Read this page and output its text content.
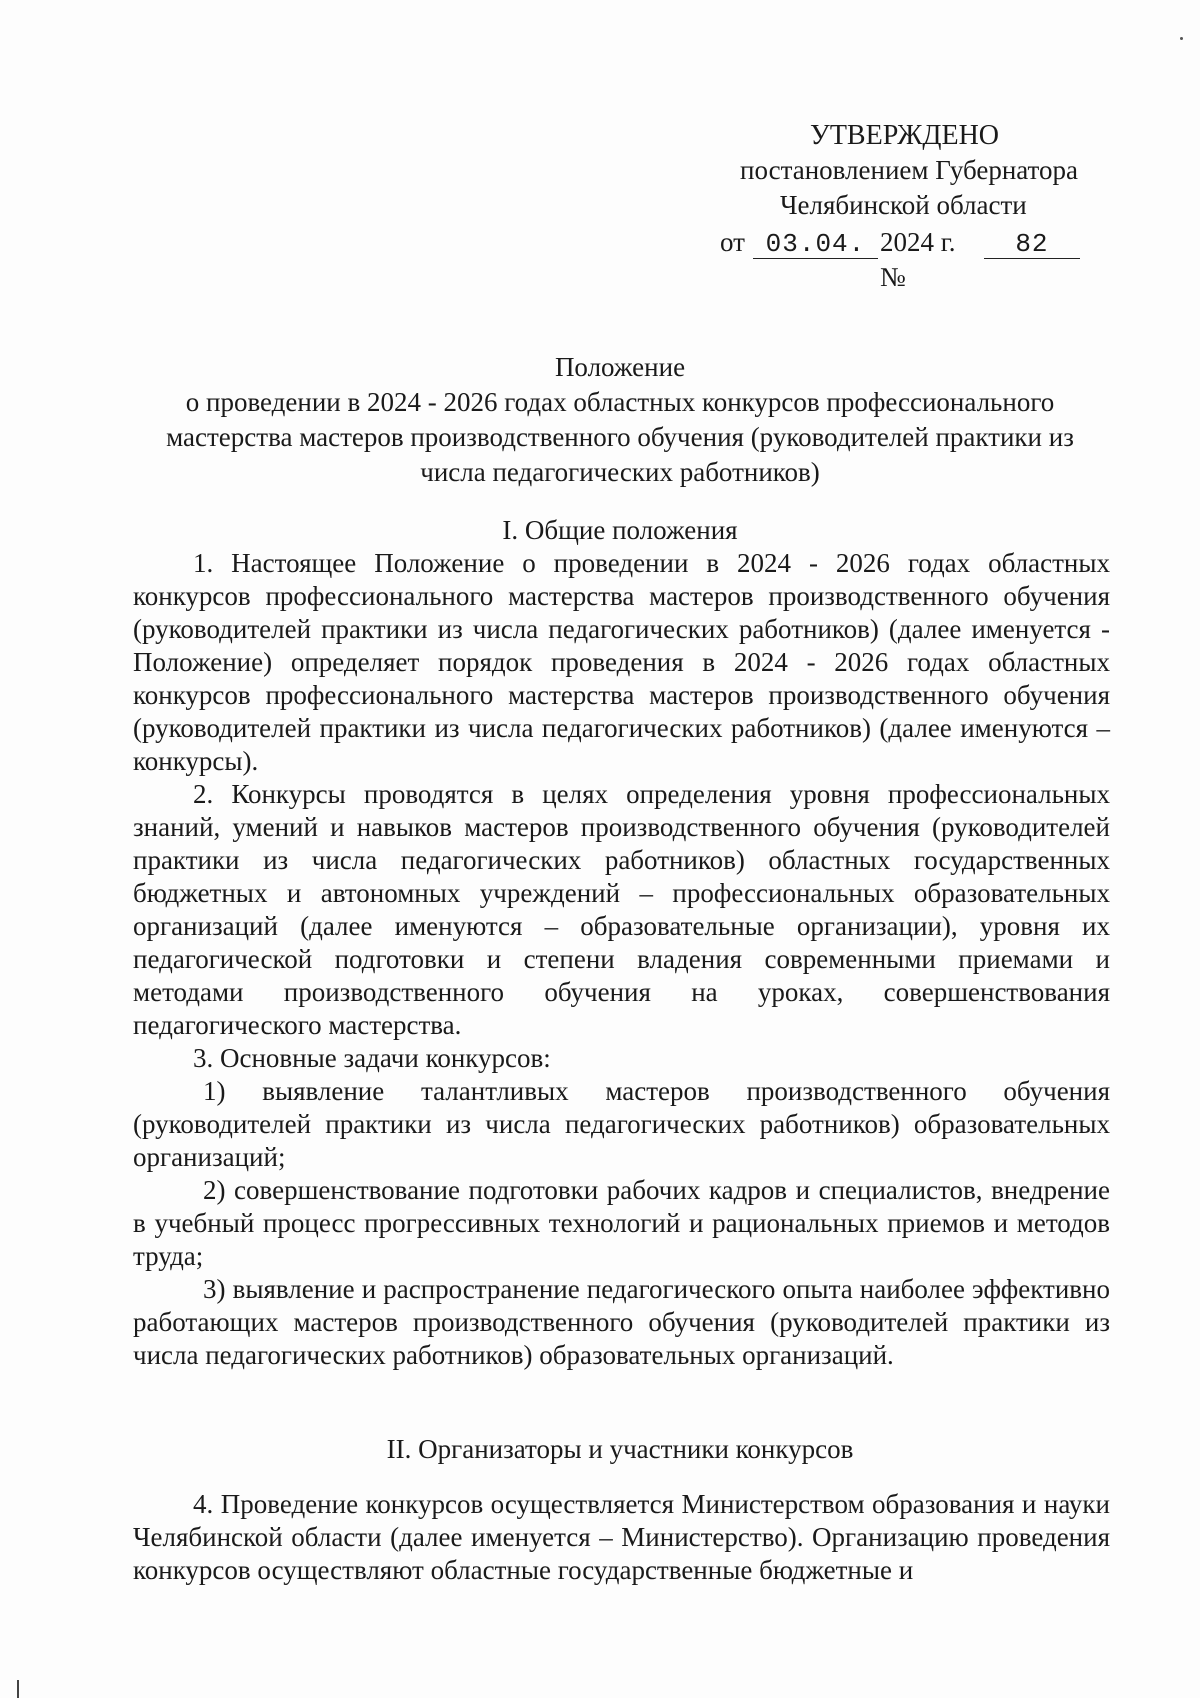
УТВЕРЖДЕНО
постановлением Губернатора
Челябинской области
от 03.04. 2024 г. №
82
Положение
о проведении в 2024 - 2026 годах областных конкурсов профессионального
мастерства мастеров производственного обучения (руководителей практики из
числа педагогических работников)
I. Общие положения

1. Настоящее Положение о проведении в 2024 - 2026 годах областных конкурсов профессионального мастерства мастеров производственного обучения (руководителей практики из числа педагогических работников) (далее именуется - Положение) определяет порядок проведения в 2024 - 2026 годах областных конкурсов профессионального мастерства мастеров производственного обучения (руководителей практики из числа педагогических работников) (далее именуются – конкурсы).

2. Конкурсы проводятся в целях определения уровня профессиональных знаний, умений и навыков мастеров производственного обучения (руководителей практики из числа педагогических работников) областных государственных бюджетных и автономных учреждений – профессиональных образовательных организаций (далее именуются – образовательные организации), уровня их педагогической подготовки и степени владения современными приемами и методами производственного обучения на уроках, совершенствования педагогического мастерства.

3. Основные задачи конкурсов:

1) выявление талантливых мастеров производственного обучения (руководителей практики из числа педагогических работников) образовательных организаций;

2) совершенствование подготовки рабочих кадров и специалистов, внедрение в учебный процесс прогрессивных технологий и рациональных приемов и методов труда;

3) выявление и распространение педагогического опыта наиболее эффективно работающих мастеров производственного обучения (руководителей практики из числа педагогических работников) образовательных организаций.

II. Организаторы и участники конкурсов

4. Проведение конкурсов осуществляется Министерством образования и науки Челябинской области (далее именуется – Министерство). Организацию проведения конкурсов осуществляют областные государственные бюджетные и
